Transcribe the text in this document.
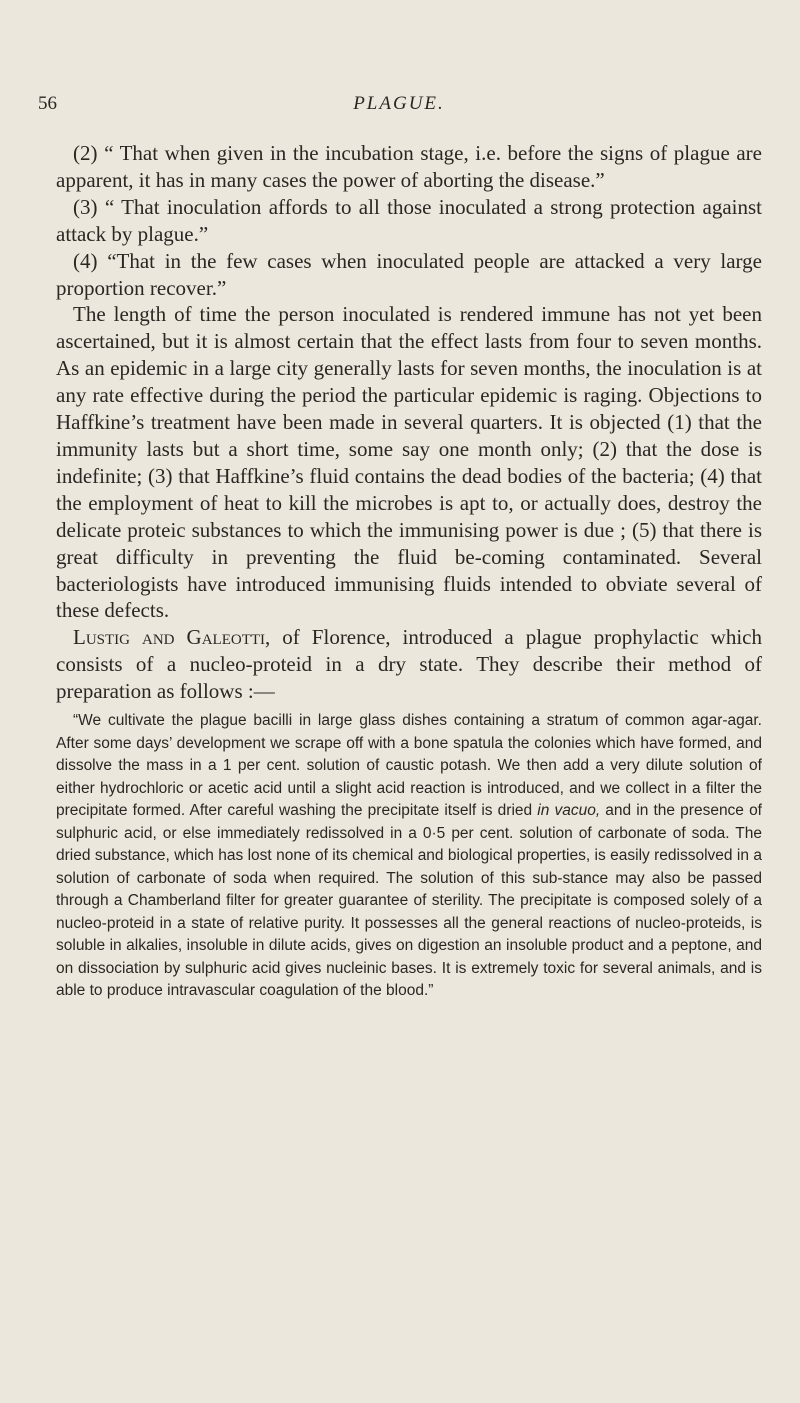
56	PLAGUE.

(2) “ That when given in the incubation stage, i.e. before the signs of plague are apparent, it has in many cases the power of aborting the disease.”

(3) “ That inoculation affords to all those inoculated a strong protection against attack by plague.”

(4) “That in the few cases when inoculated people are attacked a very large proportion recover.”

The length of time the person inoculated is rendered immune has not yet been ascertained, but it is almost certain that the effect lasts from four to seven months. As an epidemic in a large city generally lasts for seven months, the inoculation is at any rate effective during the period the particular epidemic is raging. Objections to Haffkine’s treatment have been made in several quarters. It is objected (1) that the immunity lasts but a short time, some say one month only; (2) that the dose is indefinite; (3) that Haffkine’s fluid contains the dead bodies of the bacteria; (4) that the employment of heat to kill the microbes is apt to, or actually does, destroy the delicate proteic substances to which the immunising power is due ; (5) that there is great difficulty in preventing the fluid be-coming contaminated. Several bacteriologists have introduced immunising fluids intended to obviate several of these defects.

Lustig and Galeotti, of Florence, introduced a plague prophylactic which consists of a nucleo-proteid in a dry state. They describe their method of preparation as follows :—

“We cultivate the plague bacilli in large glass dishes containing a stratum of common agar-agar. After some days’ development we scrape off with a bone spatula the colonies which have formed, and dissolve the mass in a 1 per cent. solution of caustic potash. We then add a very dilute solution of either hydrochloric or acetic acid until a slight acid reaction is introduced, and we collect in a filter the precipitate formed. After careful washing the precipitate itself is dried in vacuo, and in the presence of sulphuric acid, or else immediately redissolved in a 0·5 per cent. solution of carbonate of soda. The dried substance, which has lost none of its chemical and biological properties, is easily redissolved in a solution of carbonate of soda when required. The solution of this sub-stance may also be passed through a Chamberland filter for greater guarantee of sterility. The precipitate is composed solely of a nucleo-proteid in a state of relative purity. It possesses all the general reactions of nucleo-proteids, is soluble in alkalies, insoluble in dilute acids, gives on digestion an insoluble product and a peptone, and on dissociation by sulphuric acid gives nucleinic bases. It is extremely toxic for several animals, and is able to produce intravascular coagulation of the blood.”
